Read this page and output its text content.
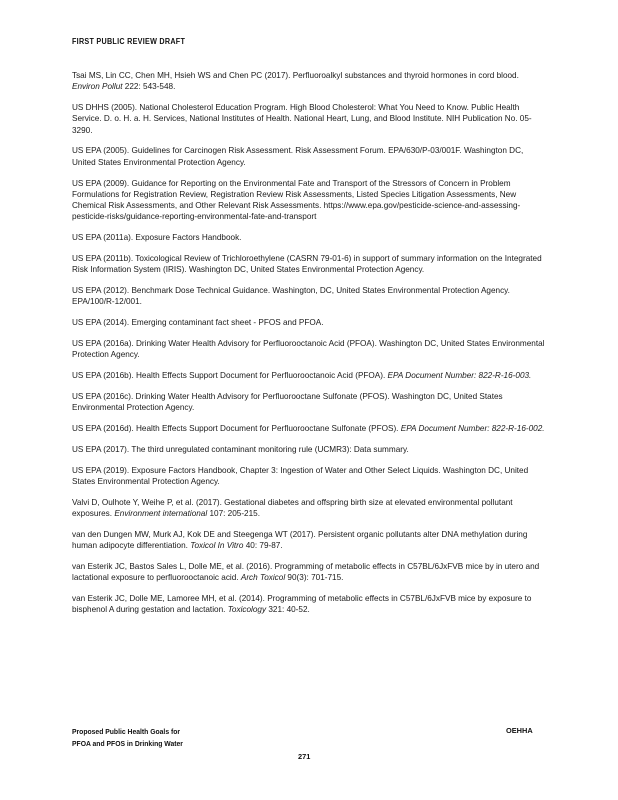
FIRST PUBLIC REVIEW DRAFT

Tsai MS, Lin CC, Chen MH, Hsieh WS and Chen PC (2017). Perfluoroalkyl substances and thyroid hormones in cord blood. Environ Pollut 222: 543-548.

US DHHS (2005). National Cholesterol Education Program. High Blood Cholesterol: What You Need to Know. Public Health Service. D. o. H. a. H. Services, National Institutes of Health. National Heart, Lung, and Blood Institute. NIH Publication No. 05-3290.

US EPA (2005). Guidelines for Carcinogen Risk Assessment. Risk Assessment Forum. EPA/630/P-03/001F. Washington DC, United States Environmental Protection Agency.

US EPA (2009). Guidance for Reporting on the Environmental Fate and Transport of the Stressors of Concern in Problem Formulations for Registration Review, Registration Review Risk Assessments, Listed Species Litigation Assessments, New Chemical Risk Assessments, and Other Relevant Risk Assessments. https://www.epa.gov/pesticide-science-and-assessing-pesticide-risks/guidance-reporting-environmental-fate-and-transport

US EPA (2011a). Exposure Factors Handbook.

US EPA (2011b). Toxicological Review of Trichloroethylene (CASRN 79-01-6) in support of summary information on the Integrated Risk Information System (IRIS). Washington DC, United States Environmental Protection Agency.

US EPA (2012). Benchmark Dose Technical Guidance. Washington, DC, United States Environmental Protection Agency. EPA/100/R-12/001.

US EPA (2014). Emerging contaminant fact sheet - PFOS and PFOA.

US EPA (2016a). Drinking Water Health Advisory for Perfluorooctanoic Acid (PFOA). Washington DC, United States Environmental Protection Agency.

US EPA (2016b). Health Effects Support Document for Perfluorooctanoic Acid (PFOA). EPA Document Number: 822-R-16-003.

US EPA (2016c). Drinking Water Health Advisory for Perfluorooctane Sulfonate (PFOS). Washington DC, United States Environmental Protection Agency.

US EPA (2016d). Health Effects Support Document for Perfluorooctane Sulfonate (PFOS). EPA Document Number: 822-R-16-002.

US EPA (2017). The third unregulated contaminant monitoring rule (UCMR3): Data summary.

US EPA (2019). Exposure Factors Handbook, Chapter 3: Ingestion of Water and Other Select Liquids. Washington DC, United States Environmental Protection Agency.

Valvi D, Oulhote Y, Weihe P, et al. (2017). Gestational diabetes and offspring birth size at elevated environmental pollutant exposures. Environment international 107: 205-215.

van den Dungen MW, Murk AJ, Kok DE and Steegenga WT (2017). Persistent organic pollutants alter DNA methylation during human adipocyte differentiation. Toxicol In Vitro 40: 79-87.

van Esterik JC, Bastos Sales L, Dolle ME, et al. (2016). Programming of metabolic effects in C57BL/6JxFVB mice by in utero and lactational exposure to perfluorooctanoic acid. Arch Toxicol 90(3): 701-715.

van Esterik JC, Dolle ME, Lamoree MH, et al. (2014). Programming of metabolic effects in C57BL/6JxFVB mice by exposure to bisphenol A during gestation and lactation. Toxicology 321: 40-52.

Proposed Public Health Goals for
PFOA and PFOS in Drinking Water
OEHHA
271
